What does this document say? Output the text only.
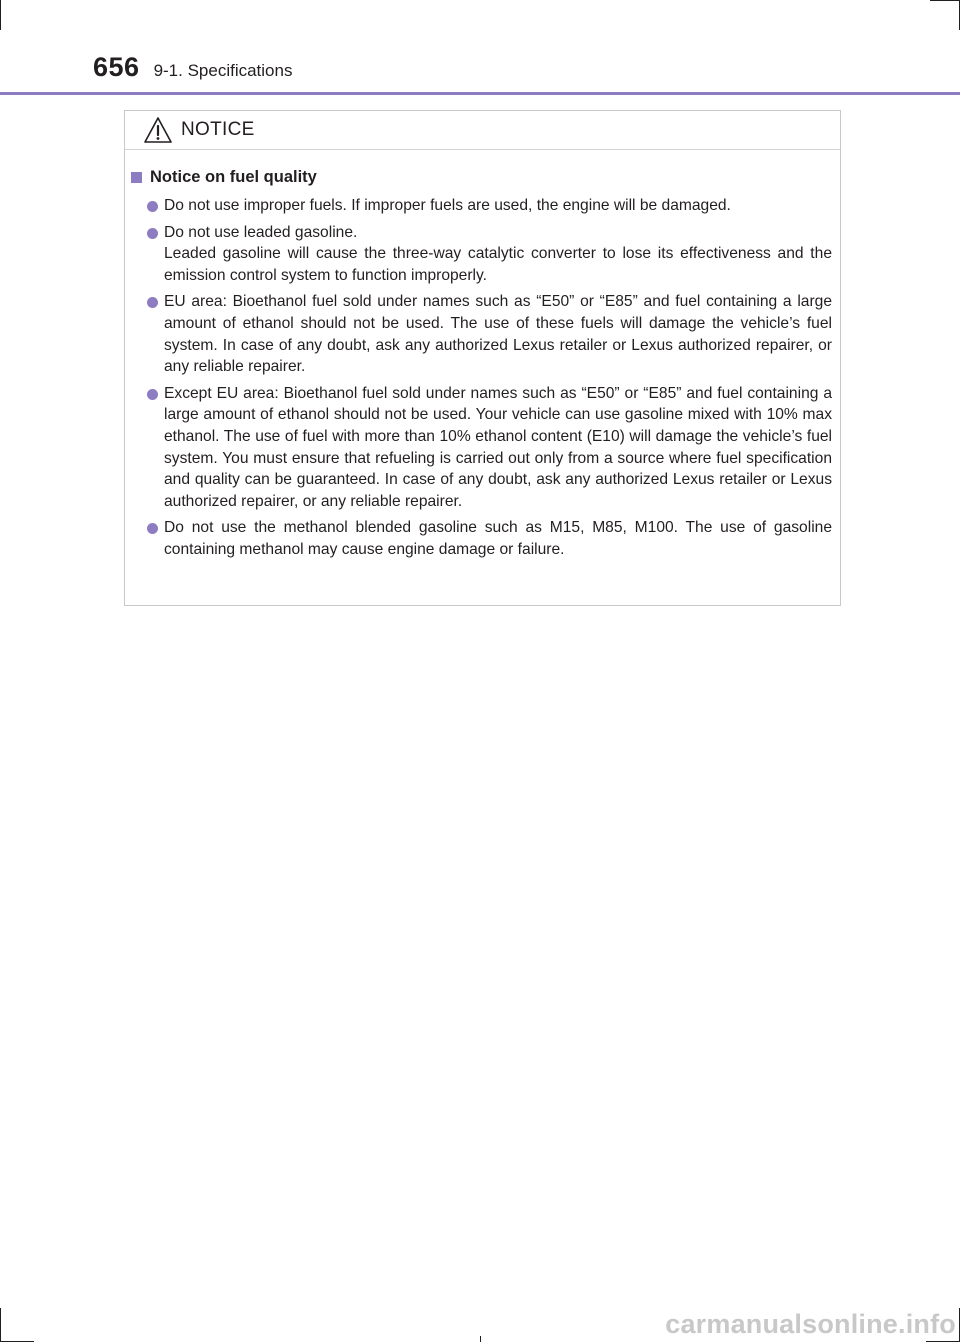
656 9-1. Specifications
NOTICE
Notice on fuel quality
Do not use improper fuels. If improper fuels are used, the engine will be damaged.
Do not use leaded gasoline.
Leaded gasoline will cause the three-way catalytic converter to lose its effectiveness and the emission control system to function improperly.
EU area: Bioethanol fuel sold under names such as “E50” or “E85” and fuel containing a large amount of ethanol should not be used. The use of these fuels will damage the vehicle’s fuel system. In case of any doubt, ask any authorized Lexus retailer or Lexus authorized repairer, or any reliable repairer.
Except EU area: Bioethanol fuel sold under names such as “E50” or “E85” and fuel containing a large amount of ethanol should not be used. Your vehicle can use gasoline mixed with 10% max ethanol. The use of fuel with more than 10% ethanol content (E10) will damage the vehicle’s fuel system. You must ensure that refueling is carried out only from a source where fuel specification and quality can be guaranteed. In case of any doubt, ask any authorized Lexus retailer or Lexus authorized repairer, or any reliable repairer.
Do not use the methanol blended gasoline such as M15, M85, M100. The use of gasoline containing methanol may cause engine damage or failure.
carmanualsonline.info
